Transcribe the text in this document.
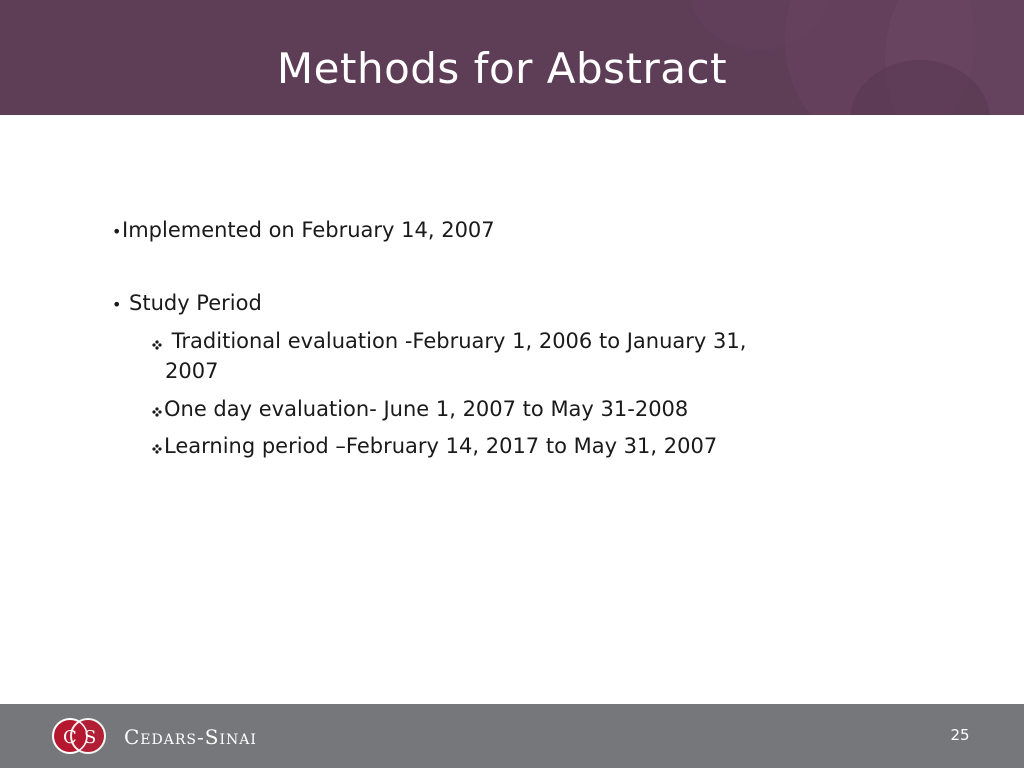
Methods for Abstract
•Implemented on February 14, 2007
• Study Period
Traditional evaluation -February 1, 2006 to January 31,
2007
One day evaluation- June 1, 2007 to May 31-2008
Learning period –February 14, 2017 to May 31, 2007
C S Cedars-Sinai	25
